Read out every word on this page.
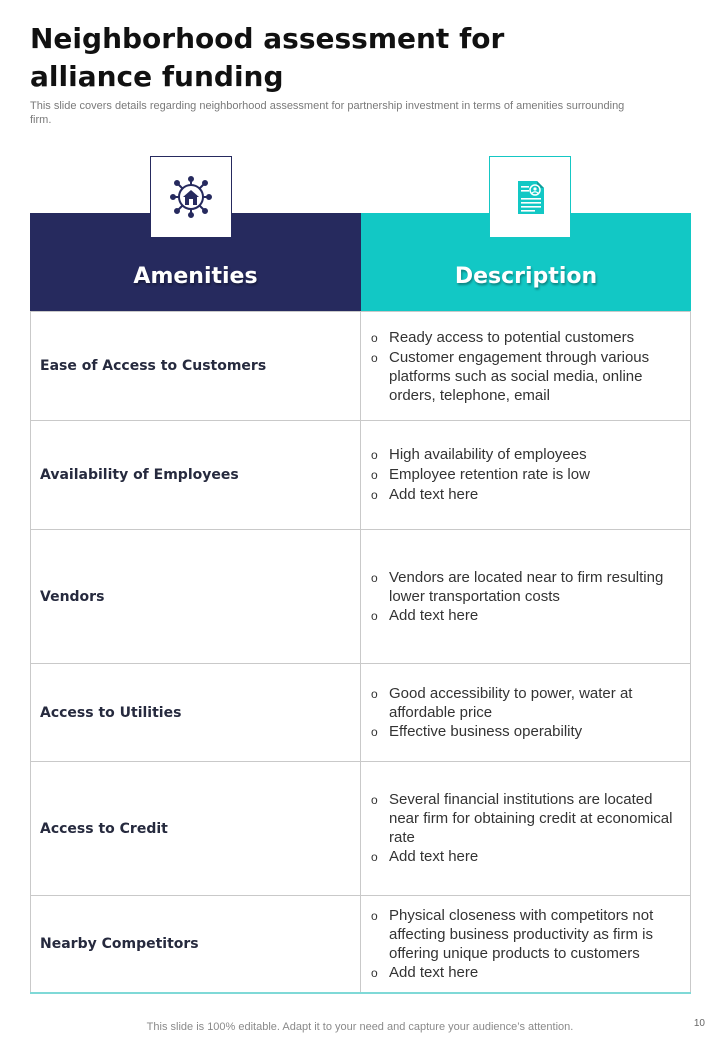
Neighborhood assessment for alliance funding
This slide covers details regarding neighborhood assessment for partnership investment in terms of amenities surrounding firm.
Amenities	Description
Ease of Access to Customers
o Ready access to potential customers
o Customer engagement through various platforms such as social media, online orders, telephone, email
Availability of Employees
o High availability of employees
o Employee retention rate is low
o Add text here
Vendors
o Vendors are located near to firm resulting lower transportation costs
o Add text here
Access to Utilities
o Good accessibility to power, water at affordable price
o Effective business operability
Access to Credit
o Several financial institutions are located near firm for obtaining credit at economical rate
o Add text here
Nearby Competitors
o Physical closeness with competitors not affecting business productivity as firm is offering unique products to customers
o Add text here
This slide is 100% editable. Adapt it to your need and capture your audience’s attention.	10
